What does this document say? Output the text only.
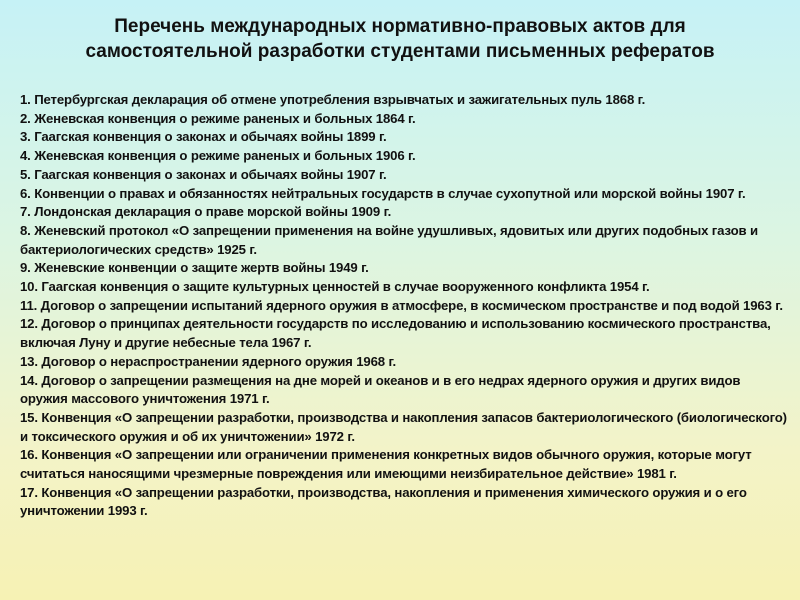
Перечень международных нормативно-правовых актов для
самостоятельной разработки студентами письменных рефератов
1. Петербургская декларация об отмене употребления взрывчатых и зажигательных пуль 1868 г.
2. Женевская конвенция о режиме раненых и больных 1864 г.
3. Гаагская конвенция о законах и обычаях войны 1899 г.
4. Женевская конвенция о режиме раненых и больных 1906 г.
5. Гаагская конвенция о законах и обычаях войны 1907 г.
6. Конвенции о правах и обязанностях нейтральных государств в случае сухопутной или морской войны 1907 г.
7. Лондонская декларация о праве морской войны 1909 г.
8. Женевский протокол «О запрещении применения на войне удушливых, ядовитых или других подобных газов и бактериологических средств» 1925 г.
9. Женевские конвенции о защите жертв войны 1949 г.
10. Гаагская конвенция о защите культурных ценностей в случае вооруженного конфликта 1954 г.
11. Договор о запрещении испытаний ядерного оружия в атмосфере, в космическом пространстве и под водой 1963 г.
12. Договор о принципах деятельности государств по исследованию и использованию космического пространства, включая Луну и другие небесные тела 1967 г.
13. Договор о нераспространении ядерного оружия 1968 г.
14. Договор о запрещении размещения на дне морей и океанов и в его недрах ядерного оружия и других видов оружия массового уничтожения 1971 г.
15. Конвенция «О запрещении разработки, производства и накопления запасов бактериологического (биологического) и токсического оружия и об их уничтожении» 1972 г.
16. Конвенция «О запрещении или ограничении применения конкретных видов обычного оружия, которые могут считаться наносящими чрезмерные повреждения или имеющими неизбирательное действие» 1981 г.
17. Конвенция «О запрещении разработки, производства, накопления и применения химического оружия и о его уничтожении 1993 г.
